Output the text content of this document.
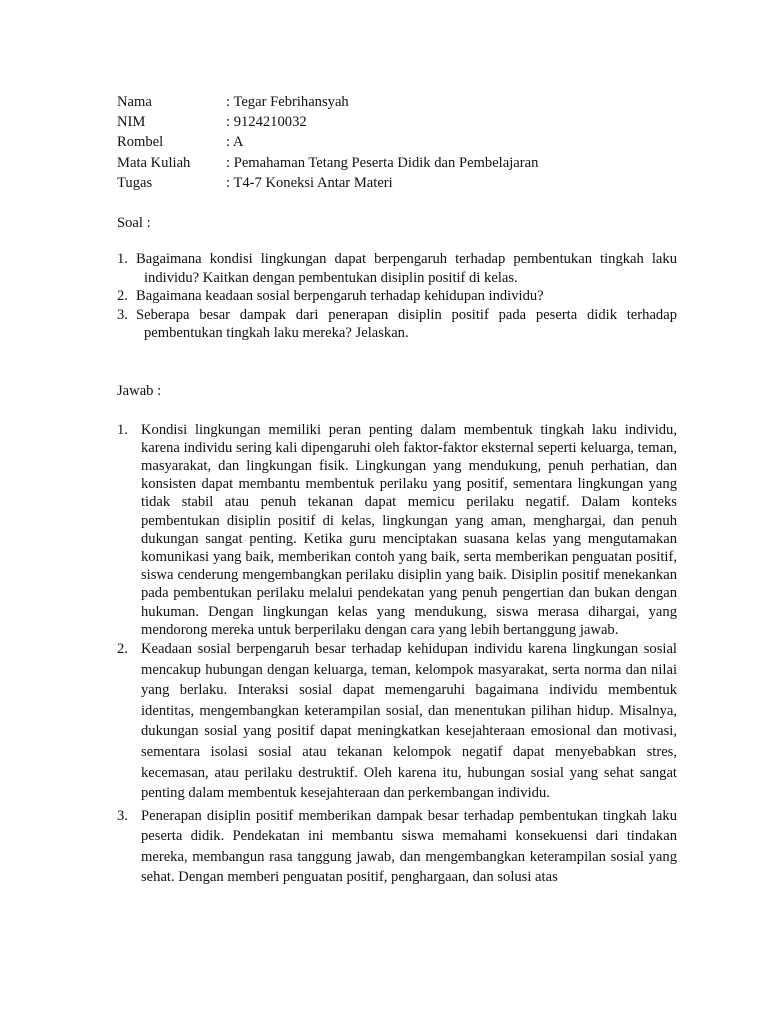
Nama	: Tegar Febrihansyah
NIM	: 9124210032
Rombel	: A
Mata Kuliah	: Pemahaman Tetang Peserta Didik dan Pembelajaran
Tugas	: T4-7 Koneksi Antar Materi
Soal :
1. Bagaimana kondisi lingkungan dapat berpengaruh terhadap pembentukan tingkah laku individu? Kaitkan dengan pembentukan disiplin positif di kelas.
2. Bagaimana keadaan sosial berpengaruh terhadap kehidupan individu?
3. Seberapa besar dampak dari penerapan disiplin positif pada peserta didik terhadap pembentukan tingkah laku mereka? Jelaskan.
Jawab :
1. Kondisi lingkungan memiliki peran penting dalam membentuk tingkah laku individu, karena individu sering kali dipengaruhi oleh faktor-faktor eksternal seperti keluarga, teman, masyarakat, dan lingkungan fisik. Lingkungan yang mendukung, penuh perhatian, dan konsisten dapat membantu membentuk perilaku yang positif, sementara lingkungan yang tidak stabil atau penuh tekanan dapat memicu perilaku negatif. Dalam konteks pembentukan disiplin positif di kelas, lingkungan yang aman, menghargai, dan penuh dukungan sangat penting. Ketika guru menciptakan suasana kelas yang mengutamakan komunikasi yang baik, memberikan contoh yang baik, serta memberikan penguatan positif, siswa cenderung mengembangkan perilaku disiplin yang baik. Disiplin positif menekankan pada pembentukan perilaku melalui pendekatan yang penuh pengertian dan bukan dengan hukuman. Dengan lingkungan kelas yang mendukung, siswa merasa dihargai, yang mendorong mereka untuk berperilaku dengan cara yang lebih bertanggung jawab.
2. Keadaan sosial berpengaruh besar terhadap kehidupan individu karena lingkungan sosial mencakup hubungan dengan keluarga, teman, kelompok masyarakat, serta norma dan nilai yang berlaku. Interaksi sosial dapat memengaruhi bagaimana individu membentuk identitas, mengembangkan keterampilan sosial, dan menentukan pilihan hidup. Misalnya, dukungan sosial yang positif dapat meningkatkan kesejahteraan emosional dan motivasi, sementara isolasi sosial atau tekanan kelompok negatif dapat menyebabkan stres, kecemasan, atau perilaku destruktif. Oleh karena itu, hubungan sosial yang sehat sangat penting dalam membentuk kesejahteraan dan perkembangan individu.
3. Penerapan disiplin positif memberikan dampak besar terhadap pembentukan tingkah laku peserta didik. Pendekatan ini membantu siswa memahami konsekuensi dari tindakan mereka, membangun rasa tanggung jawab, dan mengembangkan keterampilan sosial yang sehat. Dengan memberi penguatan positif, penghargaan, dan solusi atas
